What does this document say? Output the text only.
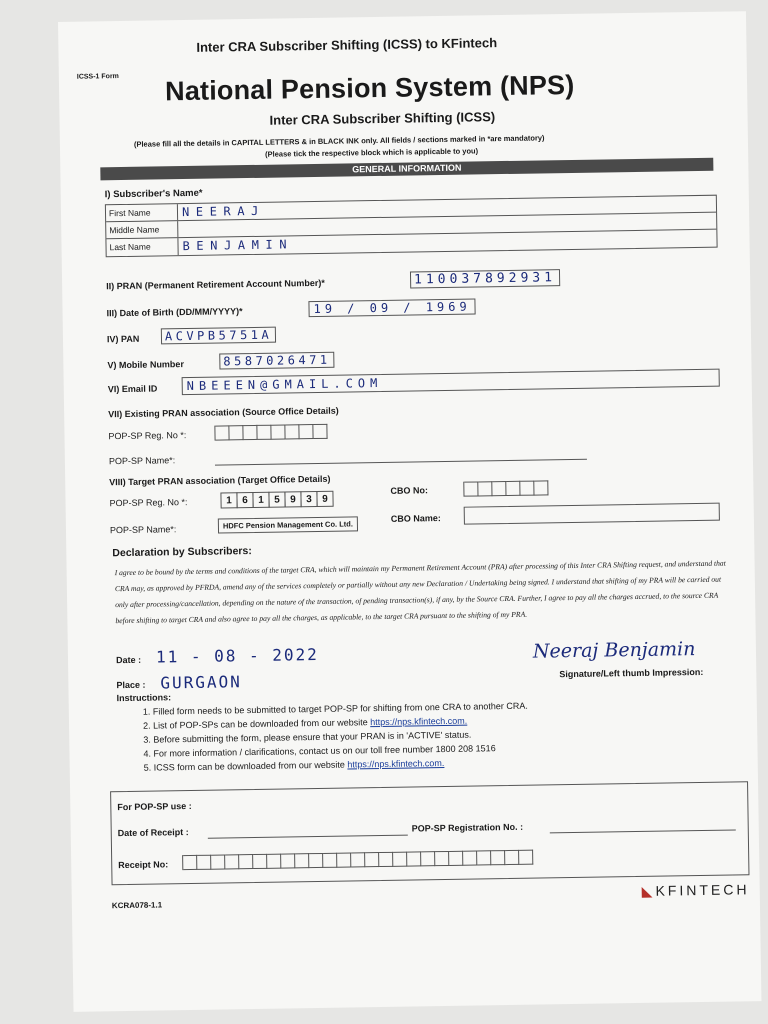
Inter CRA Subscriber Shifting (ICSS) to KFintech
ICSS-1 Form National Pension System (NPS)
Inter CRA Subscriber Shifting (ICSS)
(Please fill all the details in CAPITAL LETTERS & in BLACK INK only. All fields / sections marked in *are mandatory)
(Please tick the respective block which is applicable to you)
GENERAL INFORMATION
I) Subscriber's Name*
First Name	NEERAJ
Middle Name
Last Name	BENJAMIN
II) PRAN (Permanent Retirement Account Number)*	110037892931
III) Date of Birth (DD/MM/YYYY)*	19 / 09 / 1969
IV) PAN	ACVPB5751A
V) Mobile Number	8587026471
VI) Email ID NBEEEN@GMAIL.COM
VII) Existing PRAN association (Source Office Details)
POP-SP Reg. No *:
POP-SP Name*:
VIII) Target PRAN association (Target Office Details)
POP-SP Reg. No *:	1	6	1	5	9	3	9
CBO No:
POP-SP Name*:	HDFC Pension Management Co. Ltd.
CBO Name:
Declaration by Subscribers:
I agree to be bound by the terms and conditions of the target CRA, which will maintain my Permanent Retirement Account (PRA) after processing of this Inter CRA Shifting request, and understand that CRA may, as approved by PFRDA, amend any of the services completely or partially without any new Declaration / Undertaking being signed. I understand that shifting of my PRA will be carried out only after processing/cancellation, depending on the nature of the transaction, of pending transaction(s), if any, by the Source CRA. Further, I agree to pay all the charges accrued, to the source CRA before shifting to target CRA and also agree to pay all the charges, as applicable, to the target CRA pursuant to the shifting of my PRA.
Date : 11 - 08 - 2022	Neeraj Benjamin
Signature/Left thumb Impression:
Place : GURGAON
Instructions:
1. Filled form needs to be submitted to target POP-SP for shifting from one CRA to another CRA.
2. List of POP-SPs can be downloaded from our website https://nps.kfintech.com.
3. Before submitting the form, please ensure that your PRAN is in 'ACTIVE' status.
4. For more information / clarifications, contact us on our toll free number 1800 208 1516
5. ICSS form can be downloaded from our website https://nps.kfintech.com.
For POP-SP use :
Date of Receipt :	POP-SP Registration No. :
Receipt No:
KCRA078-1.1
◣KFINTECH
